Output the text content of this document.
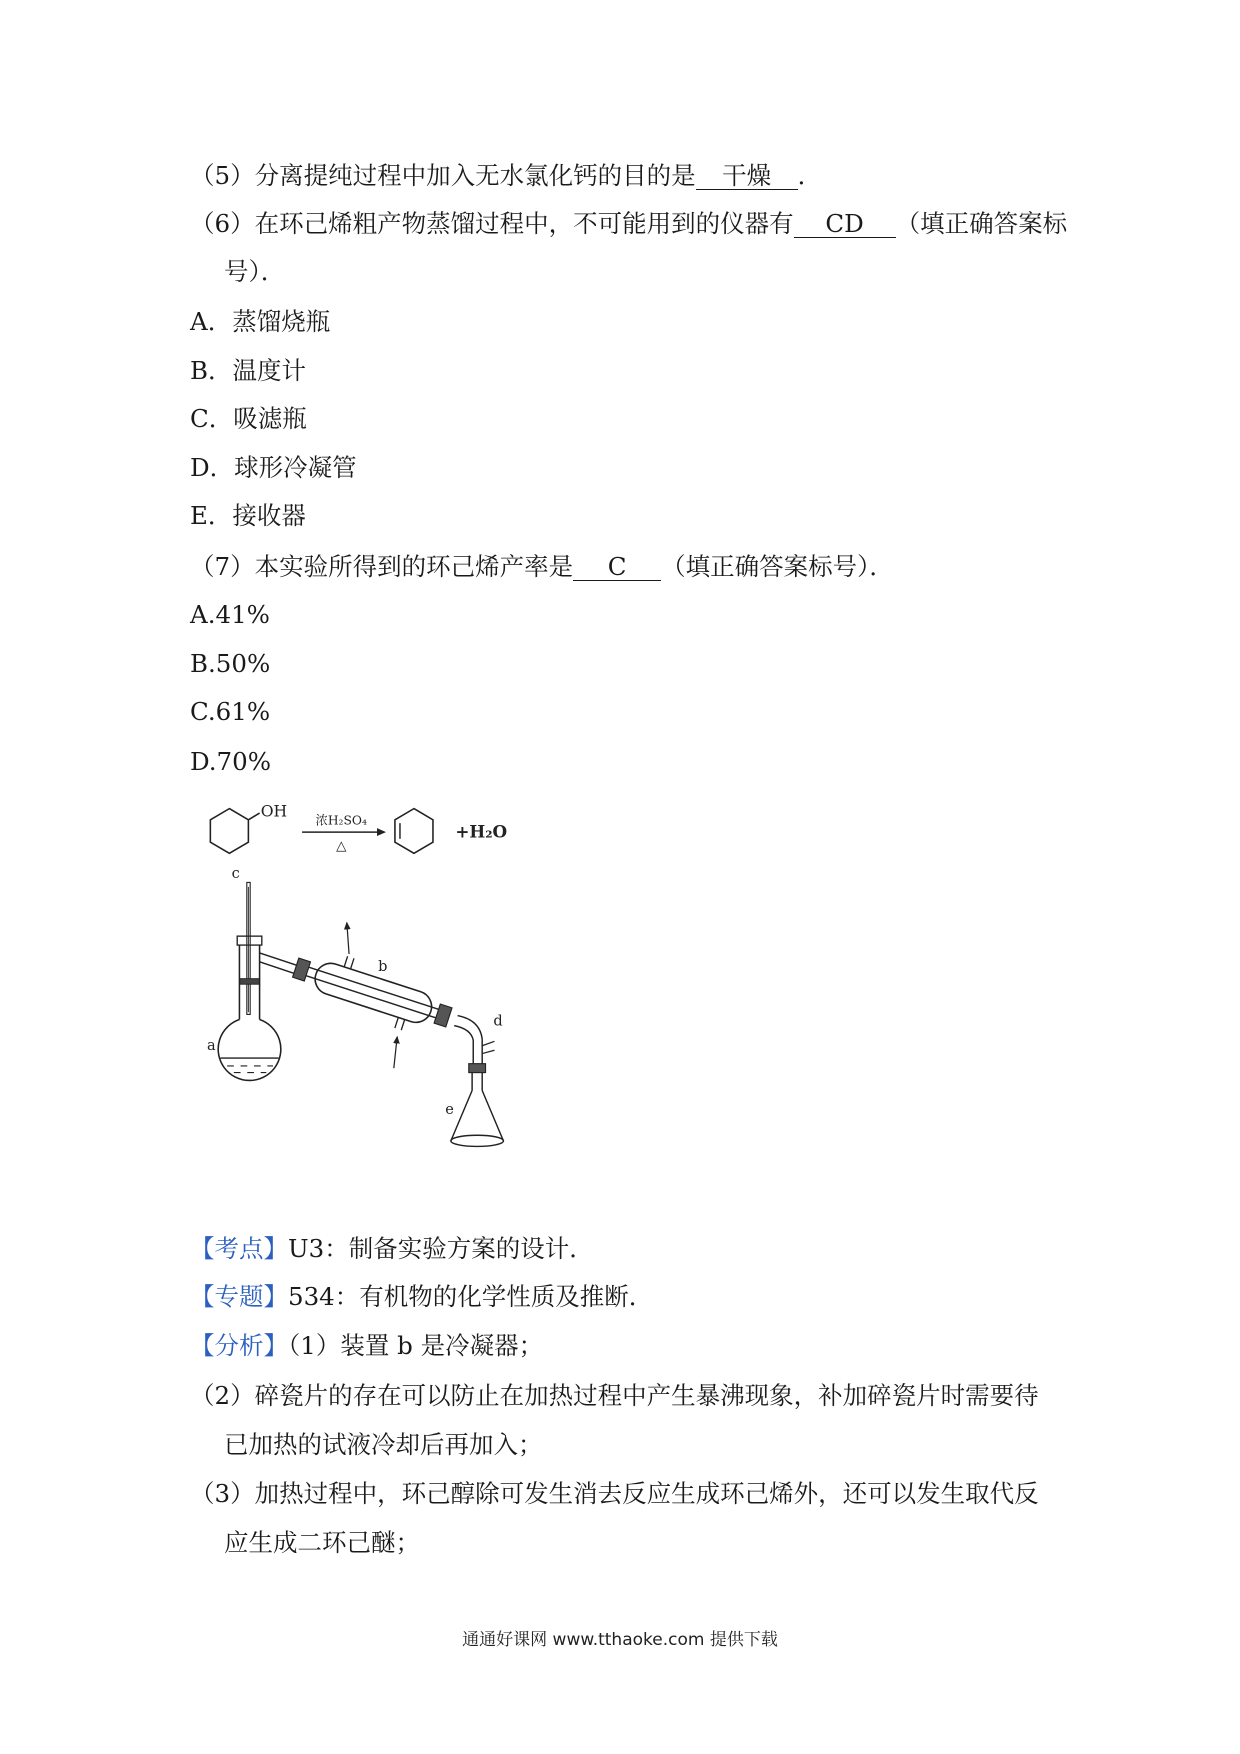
（5）分离提纯过程中加入无水氯化钙的目的是 干燥 ．
（6）在环己烯粗产物蒸馏过程中，不可能用到的仪器有 CD （填正确答案标
号）．
A．蒸馏烧瓶
B．温度计
C．吸滤瓶
D．球形冷凝管
E．接收器
（7）本实验所得到的环己烯产率是 C （填正确答案标号）．
A.41%
B.50%
C.61%
D.70%
OH	浓H₂SO₄
△
+H₂O
c
a
b
d
e
【考点】U3：制备实验方案的设计．
【专题】534：有机物的化学性质及推断．
【分析】（1）装置 b 是冷凝器；
（2）碎瓷片的存在可以防止在加热过程中产生暴沸现象，补加碎瓷片时需要待
已加热的试液冷却后再加入；
（3）加热过程中，环己醇除可发生消去反应生成环己烯外，还可以发生取代反
应生成二环己醚；
通通好课网 www.tthaoke.com 提供下载
